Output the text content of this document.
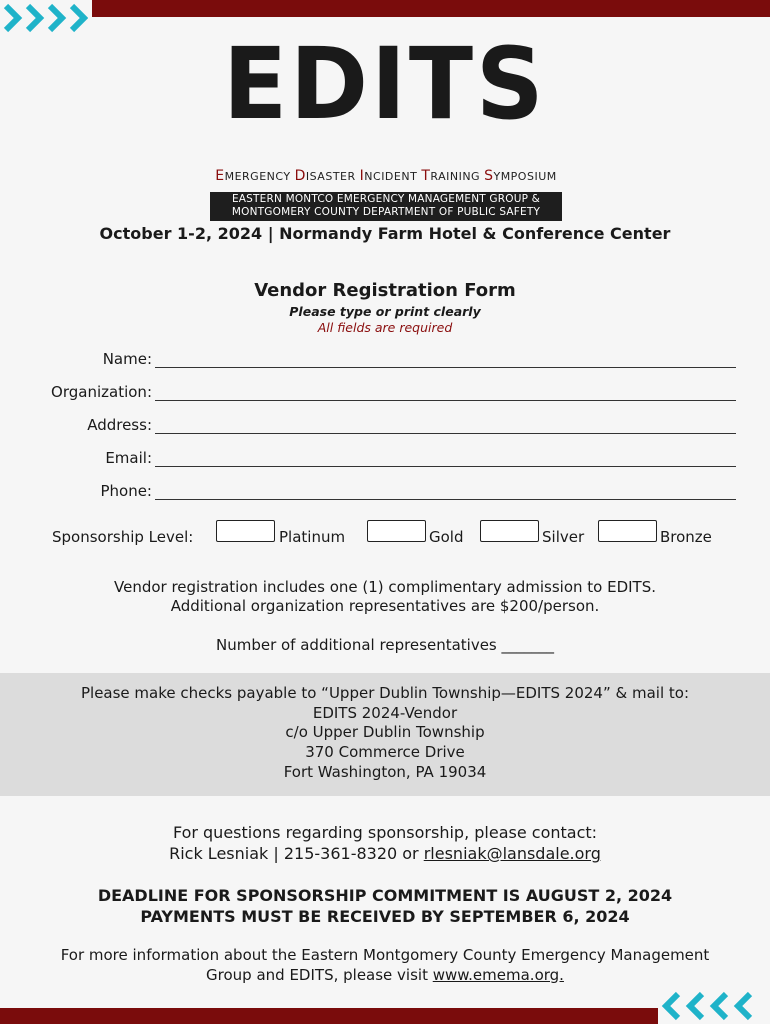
EDITS
EMERGENCY DISASTER INCIDENT TRAINING SYMPOSIUM
EASTERN MONTCO EMERGENCY MANAGEMENT GROUP &
MONTGOMERY COUNTY DEPARTMENT OF PUBLIC SAFETY
October 1-2, 2024 | Normandy Farm Hotel & Conference Center
Vendor Registration Form
Please type or print clearly
All fields are required
Name:
Organization:
Address:
Email:
Phone:
Sponsorship Level:	Platinum	Gold	Silver	Bronze
Vendor registration includes one (1) complimentary admission to EDITS.
Additional organization representatives are $200/person.
Number of additional representatives _______
Please make checks payable to “Upper Dublin Township—EDITS 2024” & mail to:
EDITS 2024-Vendor
c/o Upper Dublin Township
370 Commerce Drive
Fort Washington, PA 19034
For questions regarding sponsorship, please contact:
Rick Lesniak | 215-361-8320 or rlesniak@lansdale.org
DEADLINE FOR SPONSORSHIP COMMITMENT IS AUGUST 2, 2024
PAYMENTS MUST BE RECEIVED BY SEPTEMBER 6, 2024
For more information about the Eastern Montgomery County Emergency Management
Group and EDITS, please visit www.emema.org.
